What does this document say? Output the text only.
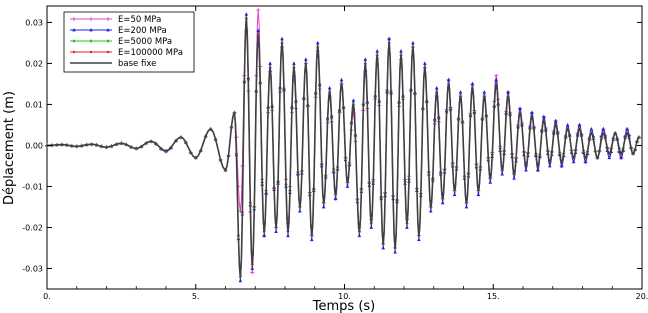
0.	5.	10.	15.	20.
-0.03
-0.02
-0.01
0.00
0.01
0.02
0.03	E=50 MPa
E=200 MPa
E=5000 MPa
E=100000 MPa
base fixe
Temps (s)
Déplacement (m)
